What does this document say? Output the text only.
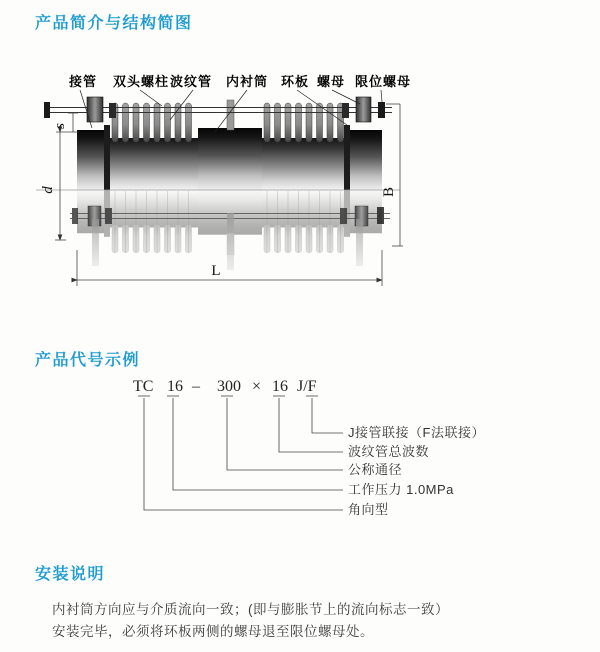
产品简介与结构简图
接管 双头螺柱 波纹管 内衬筒 环板 螺母 限位螺母
s
d	B
L
产品代号示例
TC 16 – 300 × 16 J/F
J接管联接（F法联接）
波纹管总波数
公称通径
工作压力 1.0MPa
角向型
安装说明
内衬筒方向应与介质流向一致；(即与膨胀节上的流向标志一致）
安装完毕，必须将环板两侧的螺母退至限位螺母处。
